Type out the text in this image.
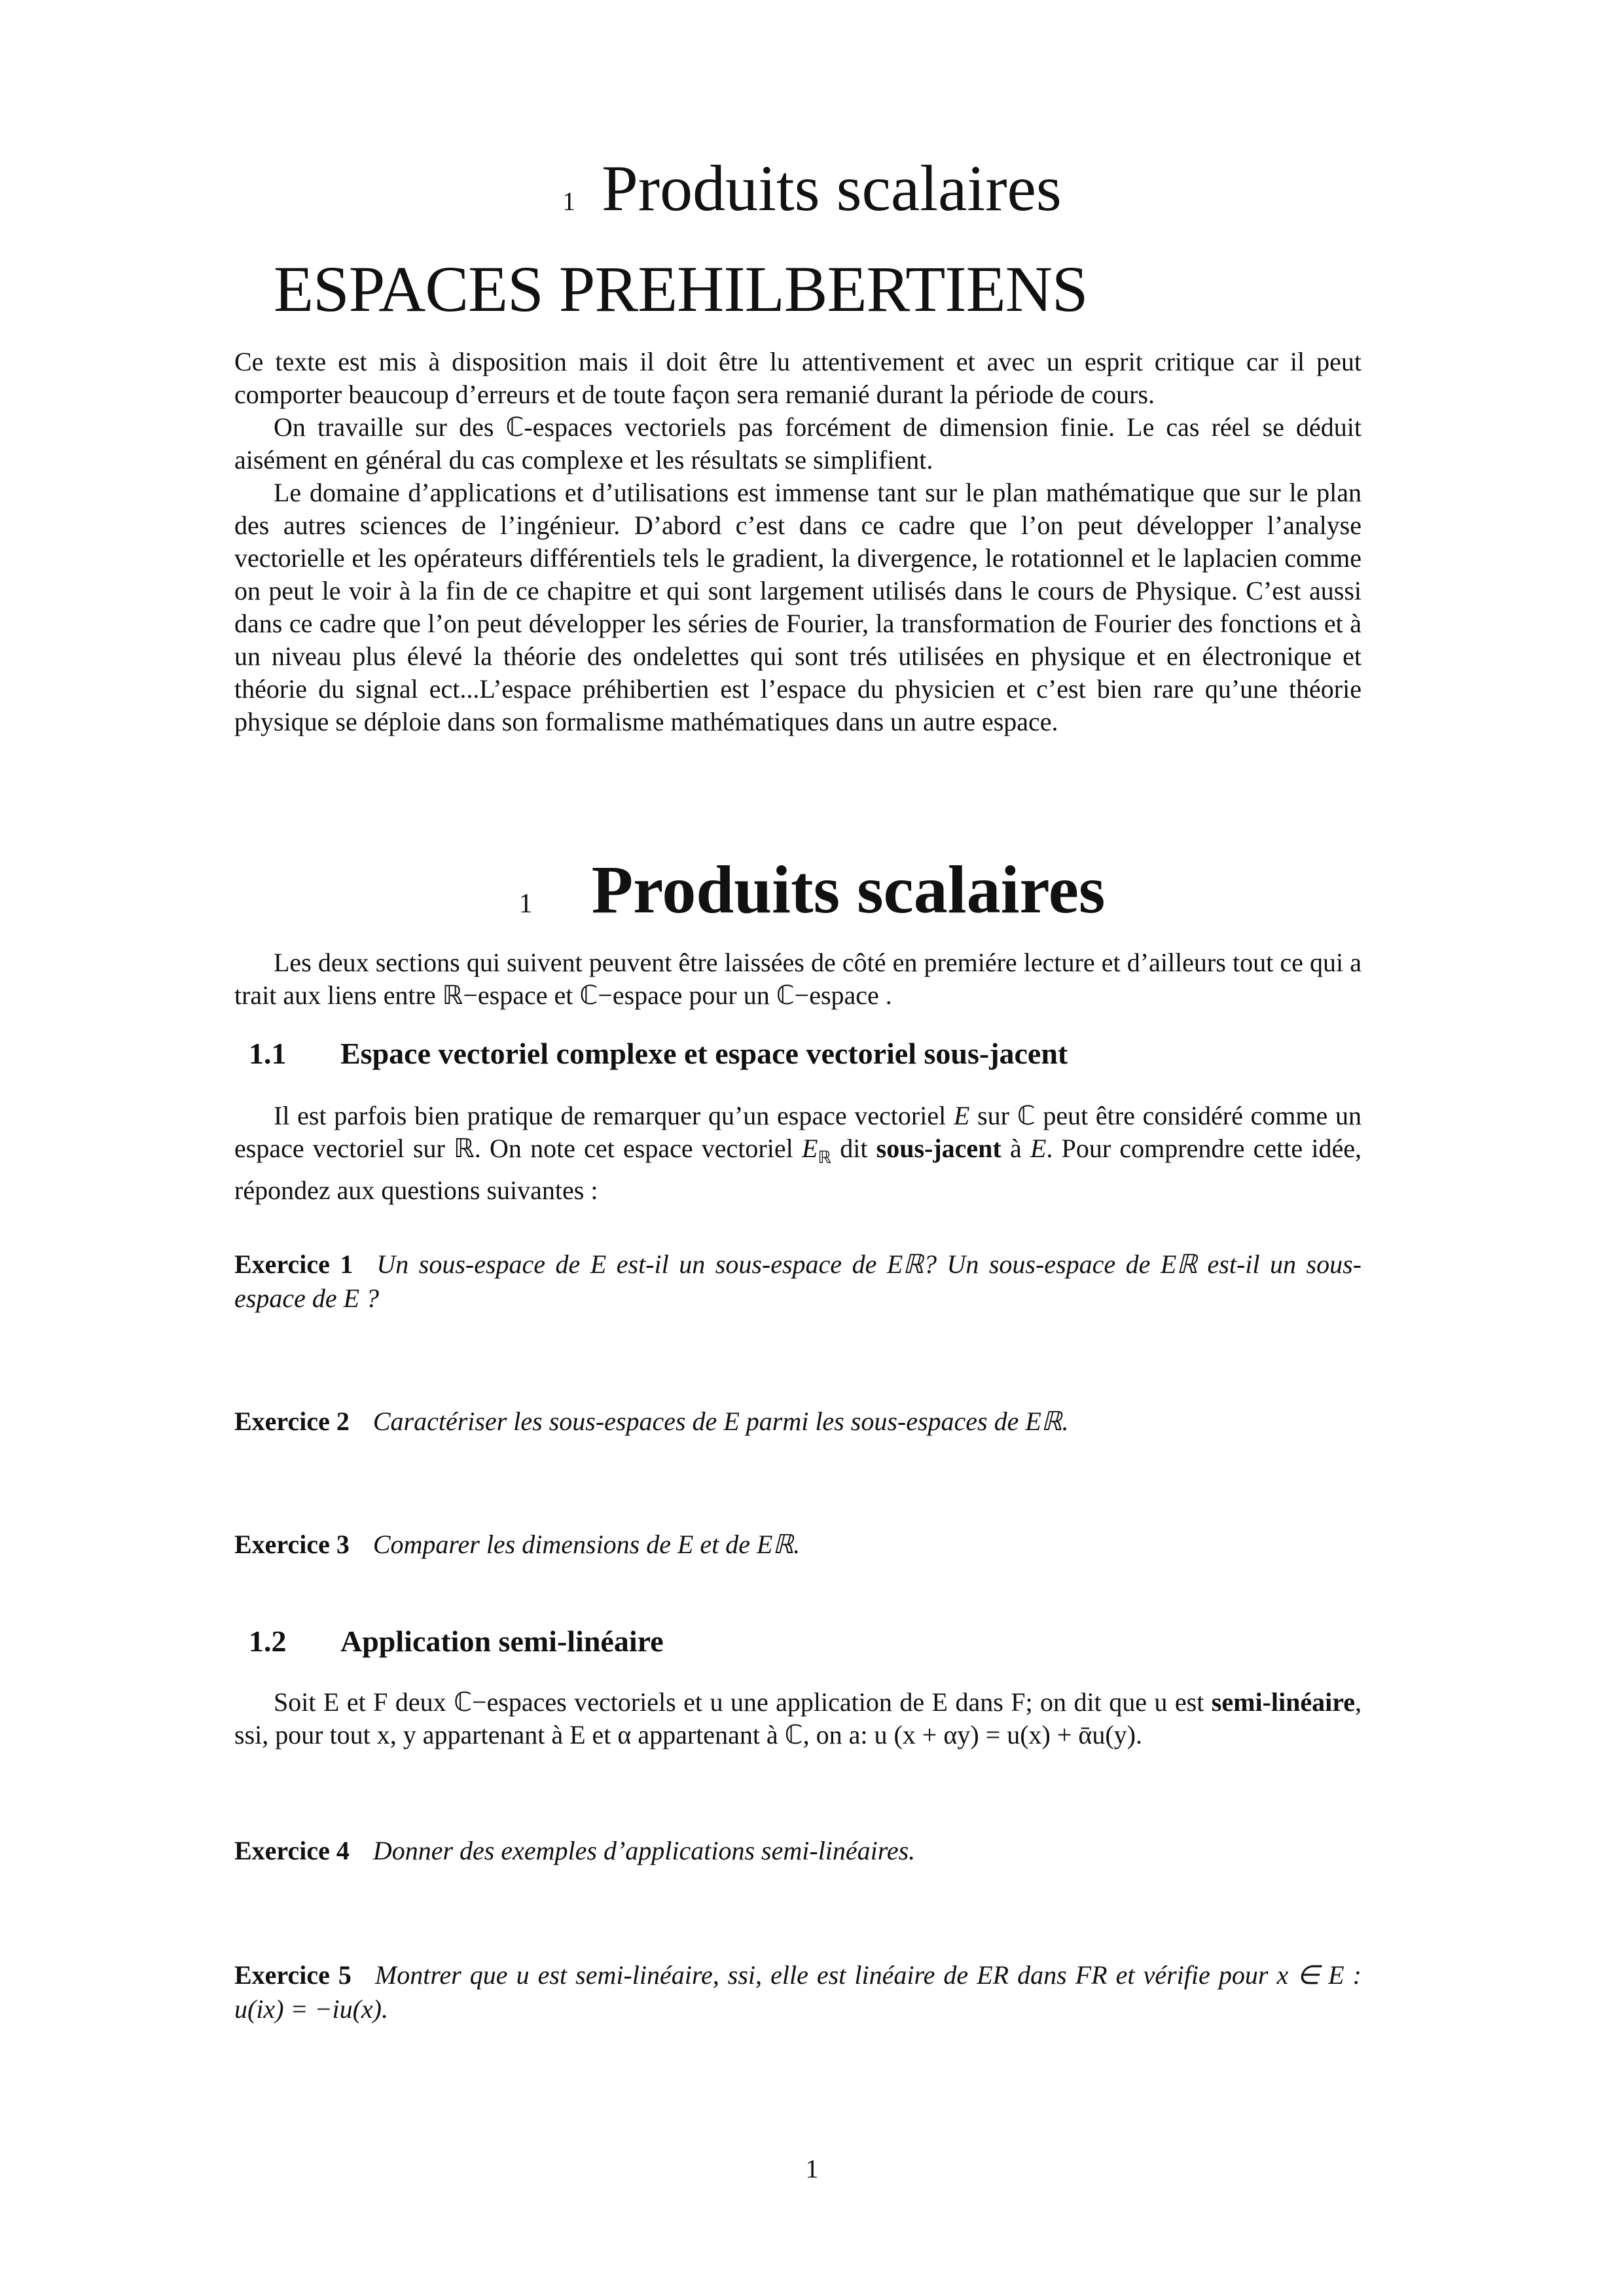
1 Produits scalaires
ESPACES PREHILBERTIENS

Ce texte est mis à disposition mais il doit être lu attentivement et avec un esprit critique car il peut comporter beaucoup d’erreurs et de toute façon sera remanié durant la période de cours.

On travaille sur des ℂ-espaces vectoriels pas forcément de dimension finie. Le cas réel se déduit aisément en général du cas complexe et les résultats se simplifient.

Le domaine d’applications et d’utilisations est immense tant sur le plan mathématique que sur le plan des autres sciences de l’ingénieur. D’abord c’est dans ce cadre que l’on peut développer l’analyse vectorielle et les opérateurs différentiels tels le gradient, la divergence, le rotationnel et le laplacien comme on peut le voir à la fin de ce chapitre et qui sont largement utilisés dans le cours de Physique. C’est aussi dans ce cadre que l’on peut développer les séries de Fourier, la transformation de Fourier des fonctions et à un niveau plus élevé la théorie des ondelettes qui sont trés utilisées en physique et en électronique et théorie du signal ect...L’espace préhibertien est l’espace du physicien et c’est bien rare qu’une théorie physique se déploie dans son formalisme mathématiques dans un autre espace.

1 Produits scalaires

Les deux sections qui suivent peuvent être laissées de côté en premiére lecture et d’ailleurs tout ce qui a trait aux liens entre ℝ−espace et ℂ−espace pour un ℂ−espace .

1.1 Espace vectoriel complexe et espace vectoriel sous-jacent

Il est parfois bien pratique de remarquer qu’un espace vectoriel E sur ℂ peut être considéré comme un espace vectoriel sur ℝ. On note cet espace vectoriel $E_ℝ$ dit sous-jacent à E. Pour comprendre cette idée, répondez aux questions suivantes :

Exercice 1 Un sous-espace de E est-il un sous-espace de Eℝ? Un sous-espace de Eℝ est-il un sous-espace de E ?
Exercice 2 Caractériser les sous-espaces de E parmi les sous-espaces de Eℝ.
Exercice 3 Comparer les dimensions de E et de Eℝ.
1.2 Application semi-linéaire

Soit E et F deux ℂ−espaces vectoriels et u une application de E dans F; on dit que u est semi-linéaire, ssi, pour tout x, y appartenant à E et α appartenant à ℂ, on a: u (x + αy) = u(x) + ᾱu(y).

Exercice 4 Donner des exemples d’applications semi-linéaires.
Exercice 5 Montrer que u est semi-linéaire, ssi, elle est linéaire de ER dans FR et vérifie pour x ∈ E : u(ix) = −iu(x).
1
